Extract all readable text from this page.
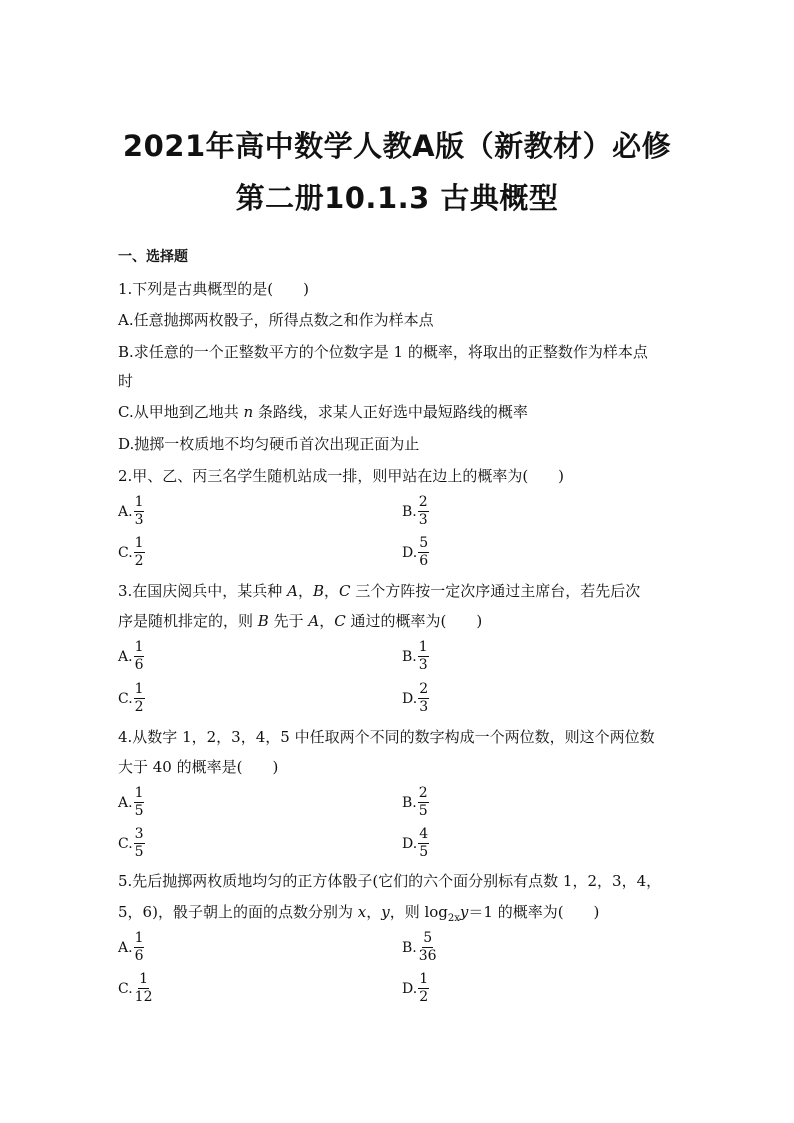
2021年高中数学人教A版（新教材）必修
第二册10.1.3 古典概型
一、选择题
1.下列是古典概型的是(　　)
A.任意抛掷两枚骰子，所得点数之和作为样本点
B.求任意的一个正整数平方的个位数字是 1 的概率，将取出的正整数作为样本点
时
C.从甲地到乙地共 n 条路线，求某人正好选中最短路线的概率
D.抛掷一枚质地不均匀硬币首次出现正面为止
2.甲、乙、丙三名学生随机站成一排，则甲站在边上的概率为(　　)
A. $\frac{1}{3}$	B. $\frac{2}{3}$
C. $\frac{1}{2}$	D. $\frac{5}{6}$
3.在国庆阅兵中，某兵种 A，B，C 三个方阵按一定次序通过主席台，若先后次
序是随机排定的，则 B 先于 A，C 通过的概率为(　　)
A. $\frac{1}{6}$	B. $\frac{1}{3}$
C. $\frac{1}{2}$	D. $\frac{2}{3}$
4.从数字 1，2，3，4，5 中任取两个不同的数字构成一个两位数，则这个两位数
大于 40 的概率是(　　)
A. $\frac{1}{5}$	B. $\frac{2}{5}$
C. $\frac{3}{5}$	D. $\frac{4}{5}$
5.先后抛掷两枚质地均匀的正方体骰子(它们的六个面分别标有点数 1，2，3，4，
5，6)，骰子朝上的面的点数分别为 x，y，则 $\log_{2x}y=1$ 的概率为(　　)
A. $\frac{1}{6}$	B. $\frac{5}{36}$
C. $\frac{1}{12}$	D. $\frac{1}{2}$
